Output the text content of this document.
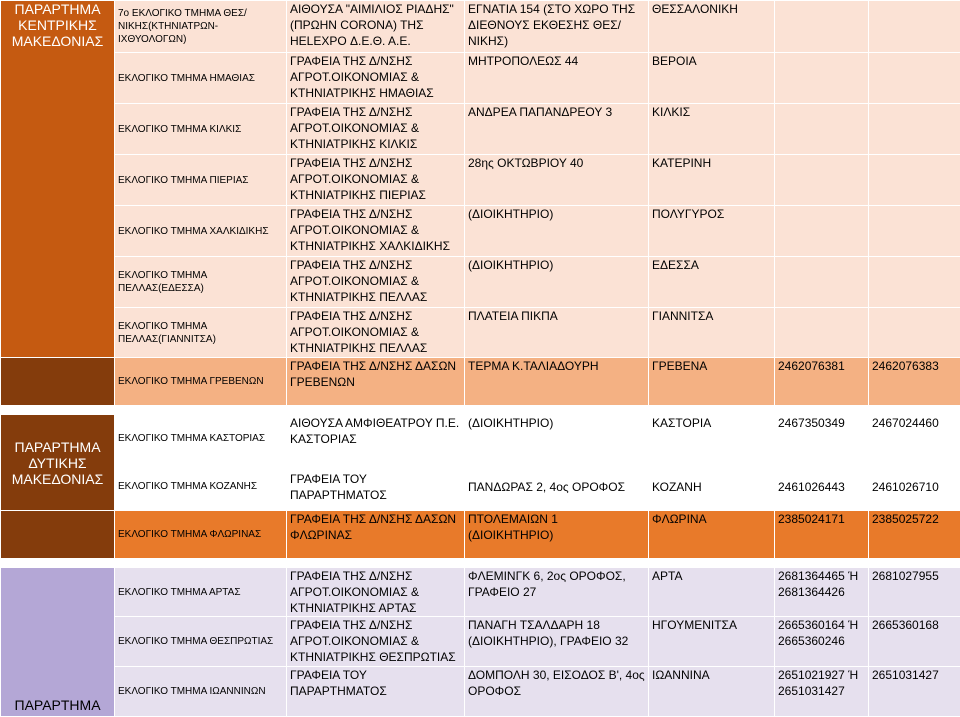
ΠΑΡΑΡΤΗΜΑ ΚΕΝΤΡΙΚΗΣ ΜΑΚΕΔΟΝΙΑΣ	7ο ΕΚΛΟΓΙΚΟ ΤΜΗΜΑ ΘΕΣ/ΝΙΚΗΣ(ΚΤΗΝΙΑΤΡΩΝ-ΙΧΘΥΟΛΟΓΩΝ)	ΑΙΘΟΥΣΑ "ΑΙΜΙΛΙΟΣ ΡΙΑΔΗΣ" (ΠΡΩΗΝ CORONA) ΤΗΣ HELEXPO Δ.Ε.Θ. Α.Ε.	ΕΓΝΑΤΙΑ 154 (ΣΤΟ ΧΩΡΟ ΤΗΣ ΔΙΕΘΝΟΥΣ ΕΚΘΕΣΗΣ ΘΕΣ/ΝΙΚΗΣ)	ΘΕΣΣΑΛΟΝΙΚΗ		
	ΕΚΛΟΓΙΚΟ ΤΜΗΜΑ ΗΜΑΘΙΑΣ	ΓΡΑΦΕΙΑ ΤΗΣ Δ/ΝΣΗΣ ΑΓΡΟΤ.ΟΙΚΟΝΟΜΙΑΣ & ΚΤΗΝΙΑΤΡΙΚΗΣ ΗΜΑΘΙΑΣ	ΜΗΤΡΟΠΟΛΕΩΣ 44	ΒΕΡΟΙΑ		
	ΕΚΛΟΓΙΚΟ ΤΜΗΜΑ ΚΙΛΚΙΣ	ΓΡΑΦΕΙΑ ΤΗΣ Δ/ΝΣΗΣ ΑΓΡΟΤ.ΟΙΚΟΝΟΜΙΑΣ & ΚΤΗΝΙΑΤΡΙΚΗΣ ΚΙΛΚΙΣ	ΑΝΔΡΕΑ ΠΑΠΑΝΔΡΕΟΥ 3	ΚΙΛΚΙΣ		
	ΕΚΛΟΓΙΚΟ ΤΜΗΜΑ ΠΙΕΡΙΑΣ	ΓΡΑΦΕΙΑ ΤΗΣ Δ/ΝΣΗΣ ΑΓΡΟΤ.ΟΙΚΟΝΟΜΙΑΣ & ΚΤΗΝΙΑΤΡΙΚΗΣ ΠΙΕΡΙΑΣ	28ης ΟΚΤΩΒΡΙΟΥ 40	ΚΑΤΕΡΙΝΗ		
	ΕΚΛΟΓΙΚΟ ΤΜΗΜΑ ΧΑΛΚΙΔΙΚΗΣ	ΓΡΑΦΕΙΑ ΤΗΣ Δ/ΝΣΗΣ ΑΓΡΟΤ.ΟΙΚΟΝΟΜΙΑΣ & ΚΤΗΝΙΑΤΡΙΚΗΣ ΧΑΛΚΙΔΙΚΗΣ	(ΔΙΟΙΚΗΤΗΡΙΟ)	ΠΟΛΥΓΥΡΟΣ		
	ΕΚΛΟΓΙΚΟ ΤΜΗΜΑ ΠΕΛΛΑΣ(ΕΔΕΣΣΑ)	ΓΡΑΦΕΙΑ ΤΗΣ Δ/ΝΣΗΣ ΑΓΡΟΤ.ΟΙΚΟΝΟΜΙΑΣ & ΚΤΗΝΙΑΤΡΙΚΗΣ ΠΕΛΛΑΣ	(ΔΙΟΙΚΗΤΗΡΙΟ)	ΕΔΕΣΣΑ		
	ΕΚΛΟΓΙΚΟ ΤΜΗΜΑ ΠΕΛΛΑΣ(ΓΙΑΝΝΙΤΣΑ)	ΓΡΑΦΕΙΑ ΤΗΣ Δ/ΝΣΗΣ ΑΓΡΟΤ.ΟΙΚΟΝΟΜΙΑΣ & ΚΤΗΝΙΑΤΡΙΚΗΣ ΠΕΛΛΑΣ	ΠΛΑΤΕΙΑ ΠΙΚΠΑ	ΓΙΑΝΝΙΤΣΑ		
	ΕΚΛΟΓΙΚΟ ΤΜΗΜΑ ΓΡΕΒΕΝΩΝ	ΓΡΑΦΕΙΑ ΤΗΣ Δ/ΝΣΗΣ ΔΑΣΩΝ ΓΡΕΒΕΝΩΝ	ΤΕΡΜΑ Κ.ΤΑΛΙΑΔΟΥΡΗ	ΓΡΕΒΕΝΑ	2462076381	2462076383

ΠΑΡΑΡΤΗΜΑ ΔΥΤΙΚΗΣ ΜΑΚΕΔΟΝΙΑΣ	ΕΚΛΟΓΙΚΟ ΤΜΗΜΑ ΚΑΣΤΟΡΙΑΣ	ΑΙΘΟΥΣΑ ΑΜΦΙΘΕΑΤΡΟΥ Π.Ε. ΚΑΣΤΟΡΙΑΣ	(ΔΙΟΙΚΗΤΗΡΙΟ)	ΚΑΣΤΟΡΙΑ	2467350349	2467024460
	ΕΚΛΟΓΙΚΟ ΤΜΗΜΑ ΚΟΖΑΝΗΣ	ΓΡΑΦΕΙΑ ΤΟΥ ΠΑΡΑΡΤΗΜΑΤΟΣ	ΠΑΝΔΩΡΑΣ 2, 4ος ΟΡΟΦΟΣ	ΚΟΖΑΝΗ	2461026443	2461026710
	ΕΚΛΟΓΙΚΟ ΤΜΗΜΑ ΦΛΩΡΙΝΑΣ	ΓΡΑΦΕΙΑ ΤΗΣ Δ/ΝΣΗΣ ΔΑΣΩΝ ΦΛΩΡΙΝΑΣ	ΠΤΟΛΕΜΑΙΩΝ 1 (ΔΙΟΙΚΗΤΗΡΙΟ)	ΦΛΩΡΙΝΑ	2385024171	2385025722

ΠΑΡΑΡΤΗΜΑ	ΕΚΛΟΓΙΚΟ ΤΜΗΜΑ ΑΡΤΑΣ	ΓΡΑΦΕΙΑ ΤΗΣ Δ/ΝΣΗΣ ΑΓΡΟΤ.ΟΙΚΟΝΟΜΙΑΣ & ΚΤΗΝΙΑΤΡΙΚΗΣ ΑΡΤΑΣ	ΦΛΕΜΙΝΓΚ 6, 2ος ΟΡΟΦΟΣ, ΓΡΑΦΕΙΟ 27	ΑΡΤΑ	2681364465 Ή 2681364426	2681027955
	ΕΚΛΟΓΙΚΟ ΤΜΗΜΑ ΘΕΣΠΡΩΤΙΑΣ	ΓΡΑΦΕΙΑ ΤΗΣ Δ/ΝΣΗΣ ΑΓΡΟΤ.ΟΙΚΟΝΟΜΙΑΣ & ΚΤΗΝΙΑΤΡΙΚΗΣ ΘΕΣΠΡΩΤΙΑΣ	ΠΑΝΑΓΗ ΤΣΑΛΔΑΡΗ 18 (ΔΙΟΙΚΗΤΗΡΙΟ), ΓΡΑΦΕΙΟ 32	ΗΓΟΥΜΕΝΙΤΣΑ	2665360164 Ή 2665360246	2665360168
	ΕΚΛΟΓΙΚΟ ΤΜΗΜΑ ΙΩΑΝΝΙΝΩΝ	ΓΡΑΦΕΙΑ ΤΟΥ ΠΑΡΑΡΤΗΜΑΤΟΣ	ΔΟΜΠΟΛΗ 30, ΕΙΣΟΔΟΣ Β', 4ος ΟΡΟΦΟΣ	ΙΩΑΝΝΙΝΑ	2651021927 Ή 2651031427	2651031427
